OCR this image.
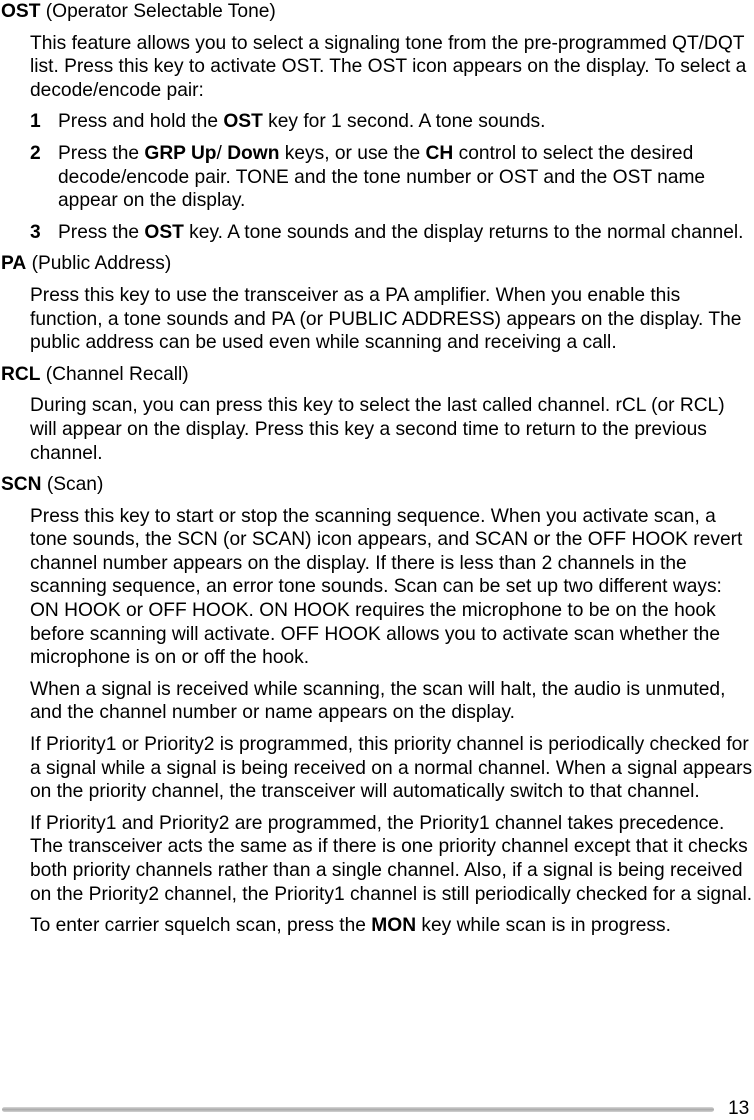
OST (Operator Selectable Tone)
This feature allows you to select a signaling tone from the pre-programmed QT/DQT list. Press this key to activate OST. The OST icon appears on the display. To select a decode/encode pair:
1 Press and hold the OST key for 1 second. A tone sounds.
2 Press the GRP Up/ Down keys, or use the CH control to select the desired decode/encode pair. TONE and the tone number or OST and the OST name appear on the display.
3 Press the OST key. A tone sounds and the display returns to the normal channel.
PA (Public Address)
Press this key to use the transceiver as a PA amplifier. When you enable this function, a tone sounds and PA (or PUBLIC ADDRESS) appears on the display. The public address can be used even while scanning and receiving a call.
RCL (Channel Recall)
During scan, you can press this key to select the last called channel. rCL (or RCL) will appear on the display. Press this key a second time to return to the previous channel.
SCN (Scan)
Press this key to start or stop the scanning sequence. When you activate scan, a tone sounds, the SCN (or SCAN) icon appears, and SCAN or the OFF HOOK revert channel number appears on the display. If there is less than 2 channels in the scanning sequence, an error tone sounds. Scan can be set up two different ways: ON HOOK or OFF HOOK. ON HOOK requires the microphone to be on the hook before scanning will activate. OFF HOOK allows you to activate scan whether the microphone is on or off the hook.
When a signal is received while scanning, the scan will halt, the audio is unmuted, and the channel number or name appears on the display.
If Priority1 or Priority2 is programmed, this priority channel is periodically checked for a signal while a signal is being received on a normal channel. When a signal appears on the priority channel, the transceiver will automatically switch to that channel.
If Priority1 and Priority2 are programmed, the Priority1 channel takes precedence. The transceiver acts the same as if there is one priority channel except that it checks both priority channels rather than a single channel. Also, if a signal is being received on the Priority2 channel, the Priority1 channel is still periodically checked for a signal.
To enter carrier squelch scan, press the MON key while scan is in progress.
13
